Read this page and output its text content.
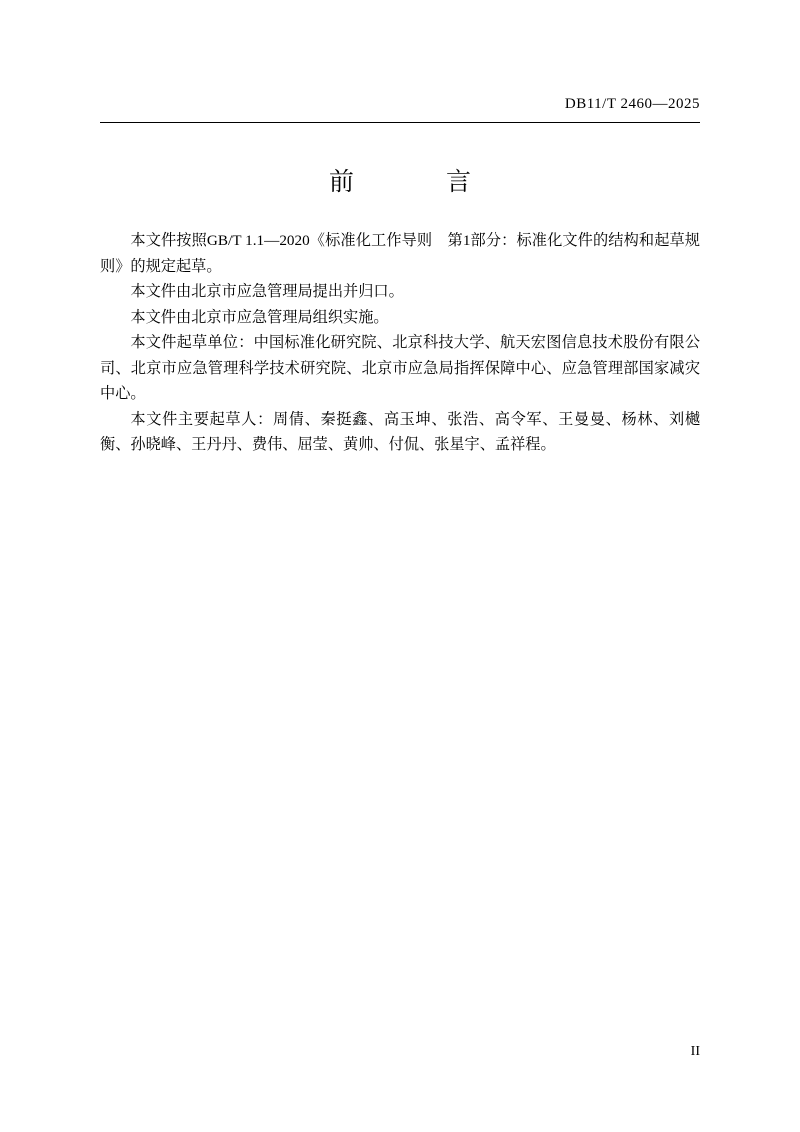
DB11/T 2460—2025
前　　言

本文件按照GB/T 1.1—2020《标准化工作导则　第1部分：标准化文件的结构和起草规则》的规定起草。

本文件由北京市应急管理局提出并归口。

本文件由北京市应急管理局组织实施。

本文件起草单位：中国标准化研究院、北京科技大学、航天宏图信息技术股份有限公司、北京市应急管理科学技术研究院、北京市应急局指挥保障中心、应急管理部国家减灾中心。

本文件主要起草人：周倩、秦挺鑫、高玉坤、张浩、高令军、王曼曼、杨林、刘樾衡、孙晓峰、王丹丹、费伟、屈莹、黄帅、付侃、张星宇、孟祥程。

II
